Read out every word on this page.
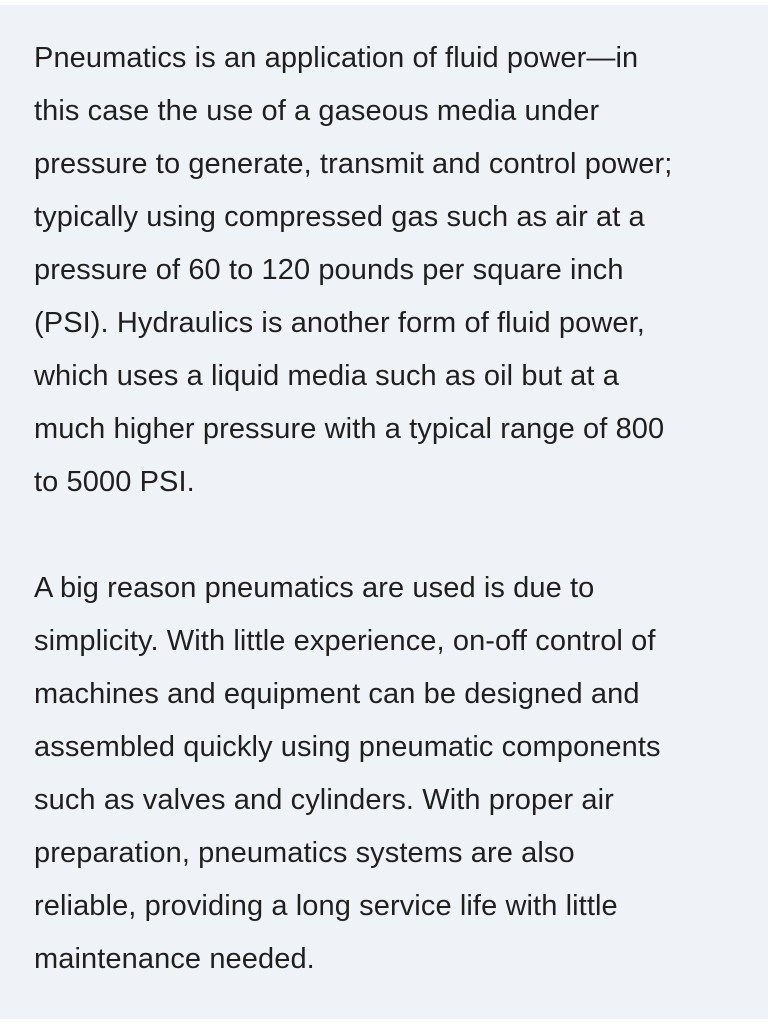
Pneumatics is an application of fluid power—in
this case the use of a gaseous media under
pressure to generate, transmit and control power;
typically using compressed gas such as air at a
pressure of 60 to 120 pounds per square inch
(PSI). Hydraulics is another form of fluid power,
which uses a liquid media such as oil but at a
much higher pressure with a typical range of 800
to 5000 PSI.

A big reason pneumatics are used is due to
simplicity. With little experience, on-off control of
machines and equipment can be designed and
assembled quickly using pneumatic components
such as valves and cylinders. With proper air
preparation, pneumatics systems are also
reliable, providing a long service life with little
maintenance needed.
